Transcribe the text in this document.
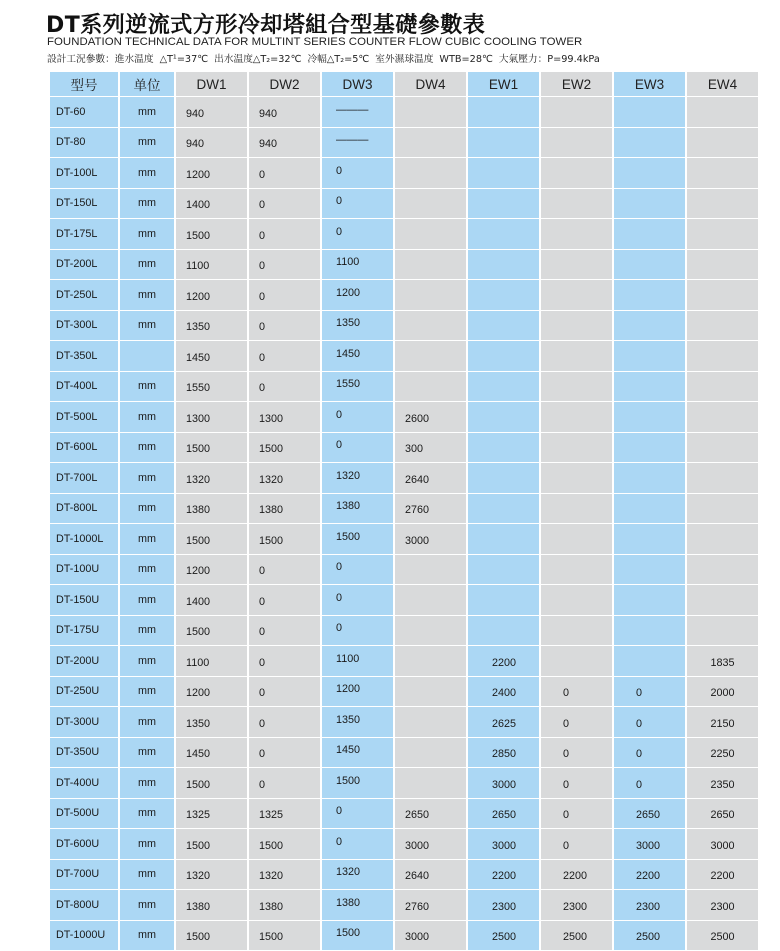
DT系列逆流式方形冷却塔組合型基礎參數表
FOUNDATION TECHNICAL DATA FOR MULTINT SERIES COUNTER FLOW CUBIC COOLING TOWER
設計工況參數：進水温度 △T¹=37℃ 出水温度△T₂=32℃ 冷幅△T₂=5℃ 室外濕球温度 WTB=28℃ 大氣壓力：P=99.4kPa
型号	单位	DW1	DW2	DW3	DW4	EW1	EW2	EW3	EW4
DT-60	mm	940	940	———					
DT-80	mm	940	940	———					
DT-100L	mm	1200	0	0					
DT-150L	mm	1400	0	0					
DT-175L	mm	1500	0	0					
DT-200L	mm	1100	0	1100					
DT-250L	mm	1200	0	1200					
DT-300L	mm	1350	0	1350					
DT-350L		1450	0	1450					
DT-400L	mm	1550	0	1550					
DT-500L	mm	1300	1300	0	2600				
DT-600L	mm	1500	1500	0	300				
DT-700L	mm	1320	1320	1320	2640				
DT-800L	mm	1380	1380	1380	2760				
DT-1000L	mm	1500	1500	1500	3000				
DT-100U	mm	1200	0	0					
DT-150U	mm	1400	0	0					
DT-175U	mm	1500	0	0					
DT-200U	mm	1100	0	1100		2200			1835
DT-250U	mm	1200	0	1200		2400	0	0	2000
DT-300U	mm	1350	0	1350		2625	0	0	2150
DT-350U	mm	1450	0	1450		2850	0	0	2250
DT-400U	mm	1500	0	1500		3000	0	0	2350
DT-500U	mm	1325	1325	0	2650	2650	0	2650	2650
DT-600U	mm	1500	1500	0	3000	3000	0	3000	3000
DT-700U	mm	1320	1320	1320	2640	2200	2200	2200	2200
DT-800U	mm	1380	1380	1380	2760	2300	2300	2300	2300
DT-1000U	mm	1500	1500	1500	3000	2500	2500	2500	2500
